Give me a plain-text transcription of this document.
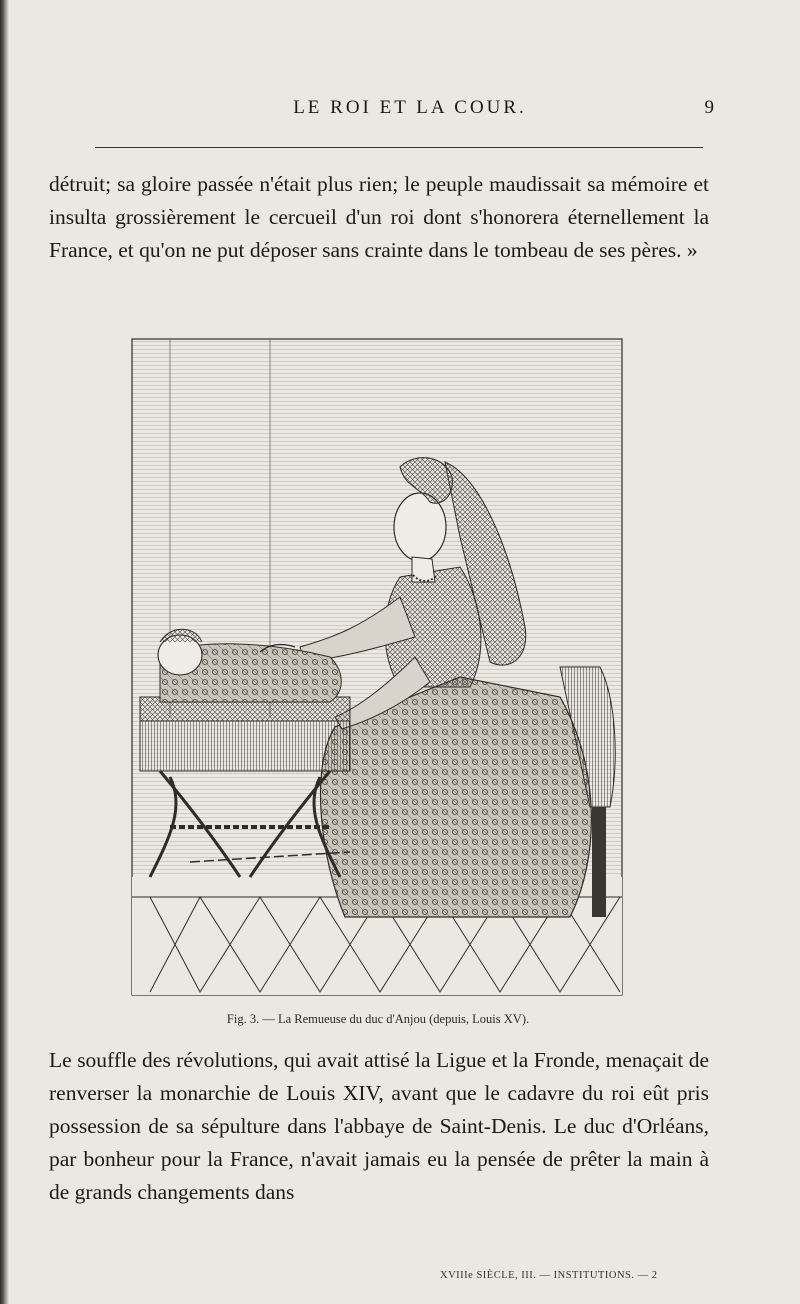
LE ROI ET LA COUR.	9

détruit; sa gloire passée n'était plus rien; le peuple maudissait sa mémoire et insulta grossièrement le cercueil d'un roi dont s'honorera éternellement la France, et qu'on ne put déposer sans crainte dans le tombeau de ses pères. »

Fig. 3. — La Remueuse du duc d'Anjou (depuis, Louis XV).

Le souffle des révolutions, qui avait attisé la Ligue et la Fronde, menaçait de renverser la monarchie de Louis XIV, avant que le cadavre du roi eût pris possession de sa sépulture dans l'abbaye de Saint-Denis. Le duc d'Orléans, par bonheur pour la France, n'avait jamais eu la pensée de prêter la main à de grands changements dans

XVIIIe SIÈCLE, III. — INSTITUTIONS. — 2
